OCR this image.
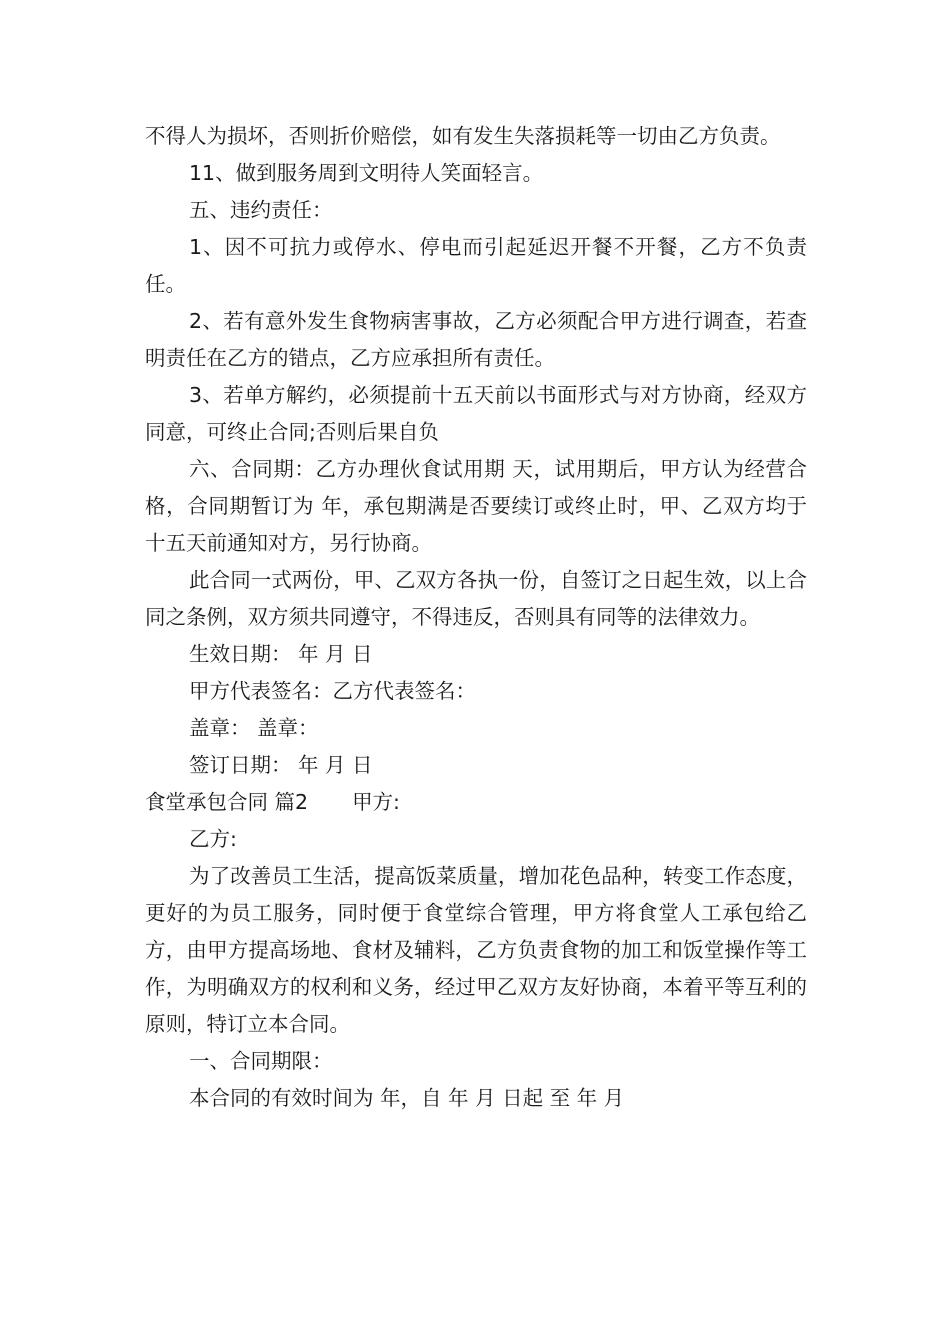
不得人为损坏，否则折价赔偿，如有发生失落损耗等一切由乙方负责。

11、做到服务周到文明待人笑面轻言。

五、违约责任：

1、因不可抗力或停水、停电而引起延迟开餐不开餐，乙方不负责任。

2、若有意外发生食物病害事故，乙方必须配合甲方进行调查，若查明责任在乙方的错点，乙方应承担所有责任。

3、若单方解约，必须提前十五天前以书面形式与对方协商，经双方同意，可终止合同;否则后果自负

六、合同期：乙方办理伙食试用期 天，试用期后，甲方认为经营合格，合同期暂订为 年，承包期满是否要续订或终止时，甲、乙双方均于十五天前通知对方，另行协商。

此合同一式两份，甲、乙双方各执一份，自签订之日起生效，以上合同之条例，双方须共同遵守，不得违反，否则具有同等的法律效力。

生效日期： 年 月 日

甲方代表签名：乙方代表签名：

盖章： 盖章：

签订日期： 年 月 日

食堂承包合同 篇2 甲方:

乙方:

为了改善员工生活，提高饭菜质量，增加花色品种，转变工作态度，更好的为员工服务，同时便于食堂综合管理，甲方将食堂人工承包给乙方，由甲方提高场地、食材及辅料，乙方负责食物的加工和饭堂操作等工作，为明确双方的权利和义务，经过甲乙双方友好协商，本着平等互利的原则，特订立本合同。

一、合同期限：

本合同的有效时间为 年，自 年 月 日起 至 年 月
